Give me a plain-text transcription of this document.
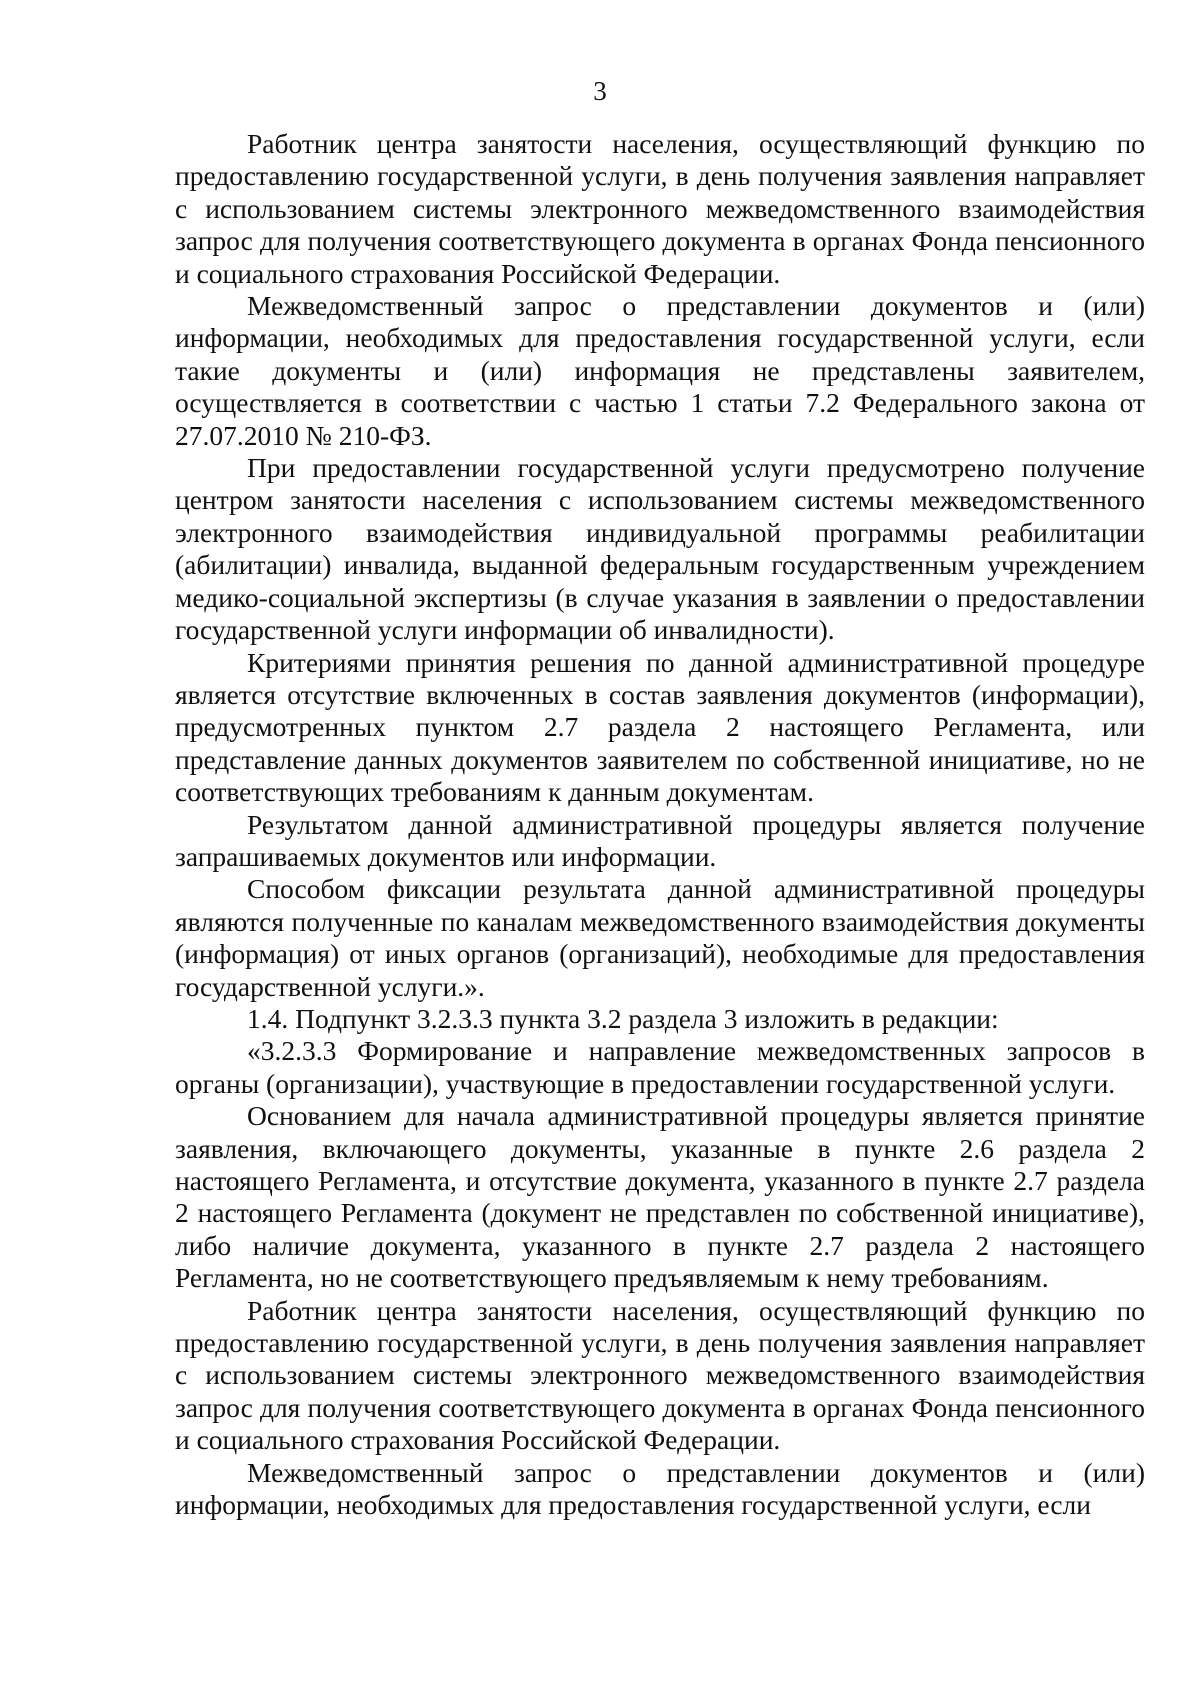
3

Работник центра занятости населения, осуществляющий функцию по предоставлению государственной услуги, в день получения заявления направляет с использованием системы электронного межведомственного взаимодействия запрос для получения соответствующего документа в органах Фонда пенсионного и социального страхования Российской Федерации.

Межведомственный запрос о представлении документов и (или) информации, необходимых для предоставления государственной услуги, если такие документы и (или) информация не представлены заявителем, осуществляется в соответствии с частью 1 статьи 7.2 Федерального закона от 27.07.2010 № 210-ФЗ.

При предоставлении государственной услуги предусмотрено получение центром занятости населения с использованием системы межведомственного электронного взаимодействия индивидуальной программы реабилитации (абилитации) инвалида, выданной федеральным государственным учреждением медико-социальной экспертизы (в случае указания в заявлении о предоставлении государственной услуги информации об инвалидности).

Критериями принятия решения по данной административной процедуре является отсутствие включенных в состав заявления документов (информации), предусмотренных пунктом 2.7 раздела 2 настоящего Регламента, или представление данных документов заявителем по собственной инициативе, но не соответствующих требованиям к данным документам.

Результатом данной административной процедуры является получение запрашиваемых документов или информации.

Способом фиксации результата данной административной процедуры являются полученные по каналам межведомственного взаимодействия документы (информация) от иных органов (организаций), необходимые для предоставления государственной услуги.».

1.4. Подпункт 3.2.3.3 пункта 3.2 раздела 3 изложить в редакции:

«3.2.3.3 Формирование и направление межведомственных запросов в органы (организации), участвующие в предоставлении государственной услуги.

Основанием для начала административной процедуры является принятие заявления, включающего документы, указанные в пункте 2.6 раздела 2 настоящего Регламента, и отсутствие документа, указанного в пункте 2.7 раздела 2 настоящего Регламента (документ не представлен по собственной инициативе), либо наличие документа, указанного в пункте 2.7 раздела 2 настоящего Регламента, но не соответствующего предъявляемым к нему требованиям.

Работник центра занятости населения, осуществляющий функцию по предоставлению государственной услуги, в день получения заявления направляет с использованием системы электронного межведомственного взаимодействия запрос для получения соответствующего документа в органах Фонда пенсионного и социального страхования Российской Федерации.

Межведомственный запрос о представлении документов и (или) информации, необходимых для предоставления государственной услуги, если
